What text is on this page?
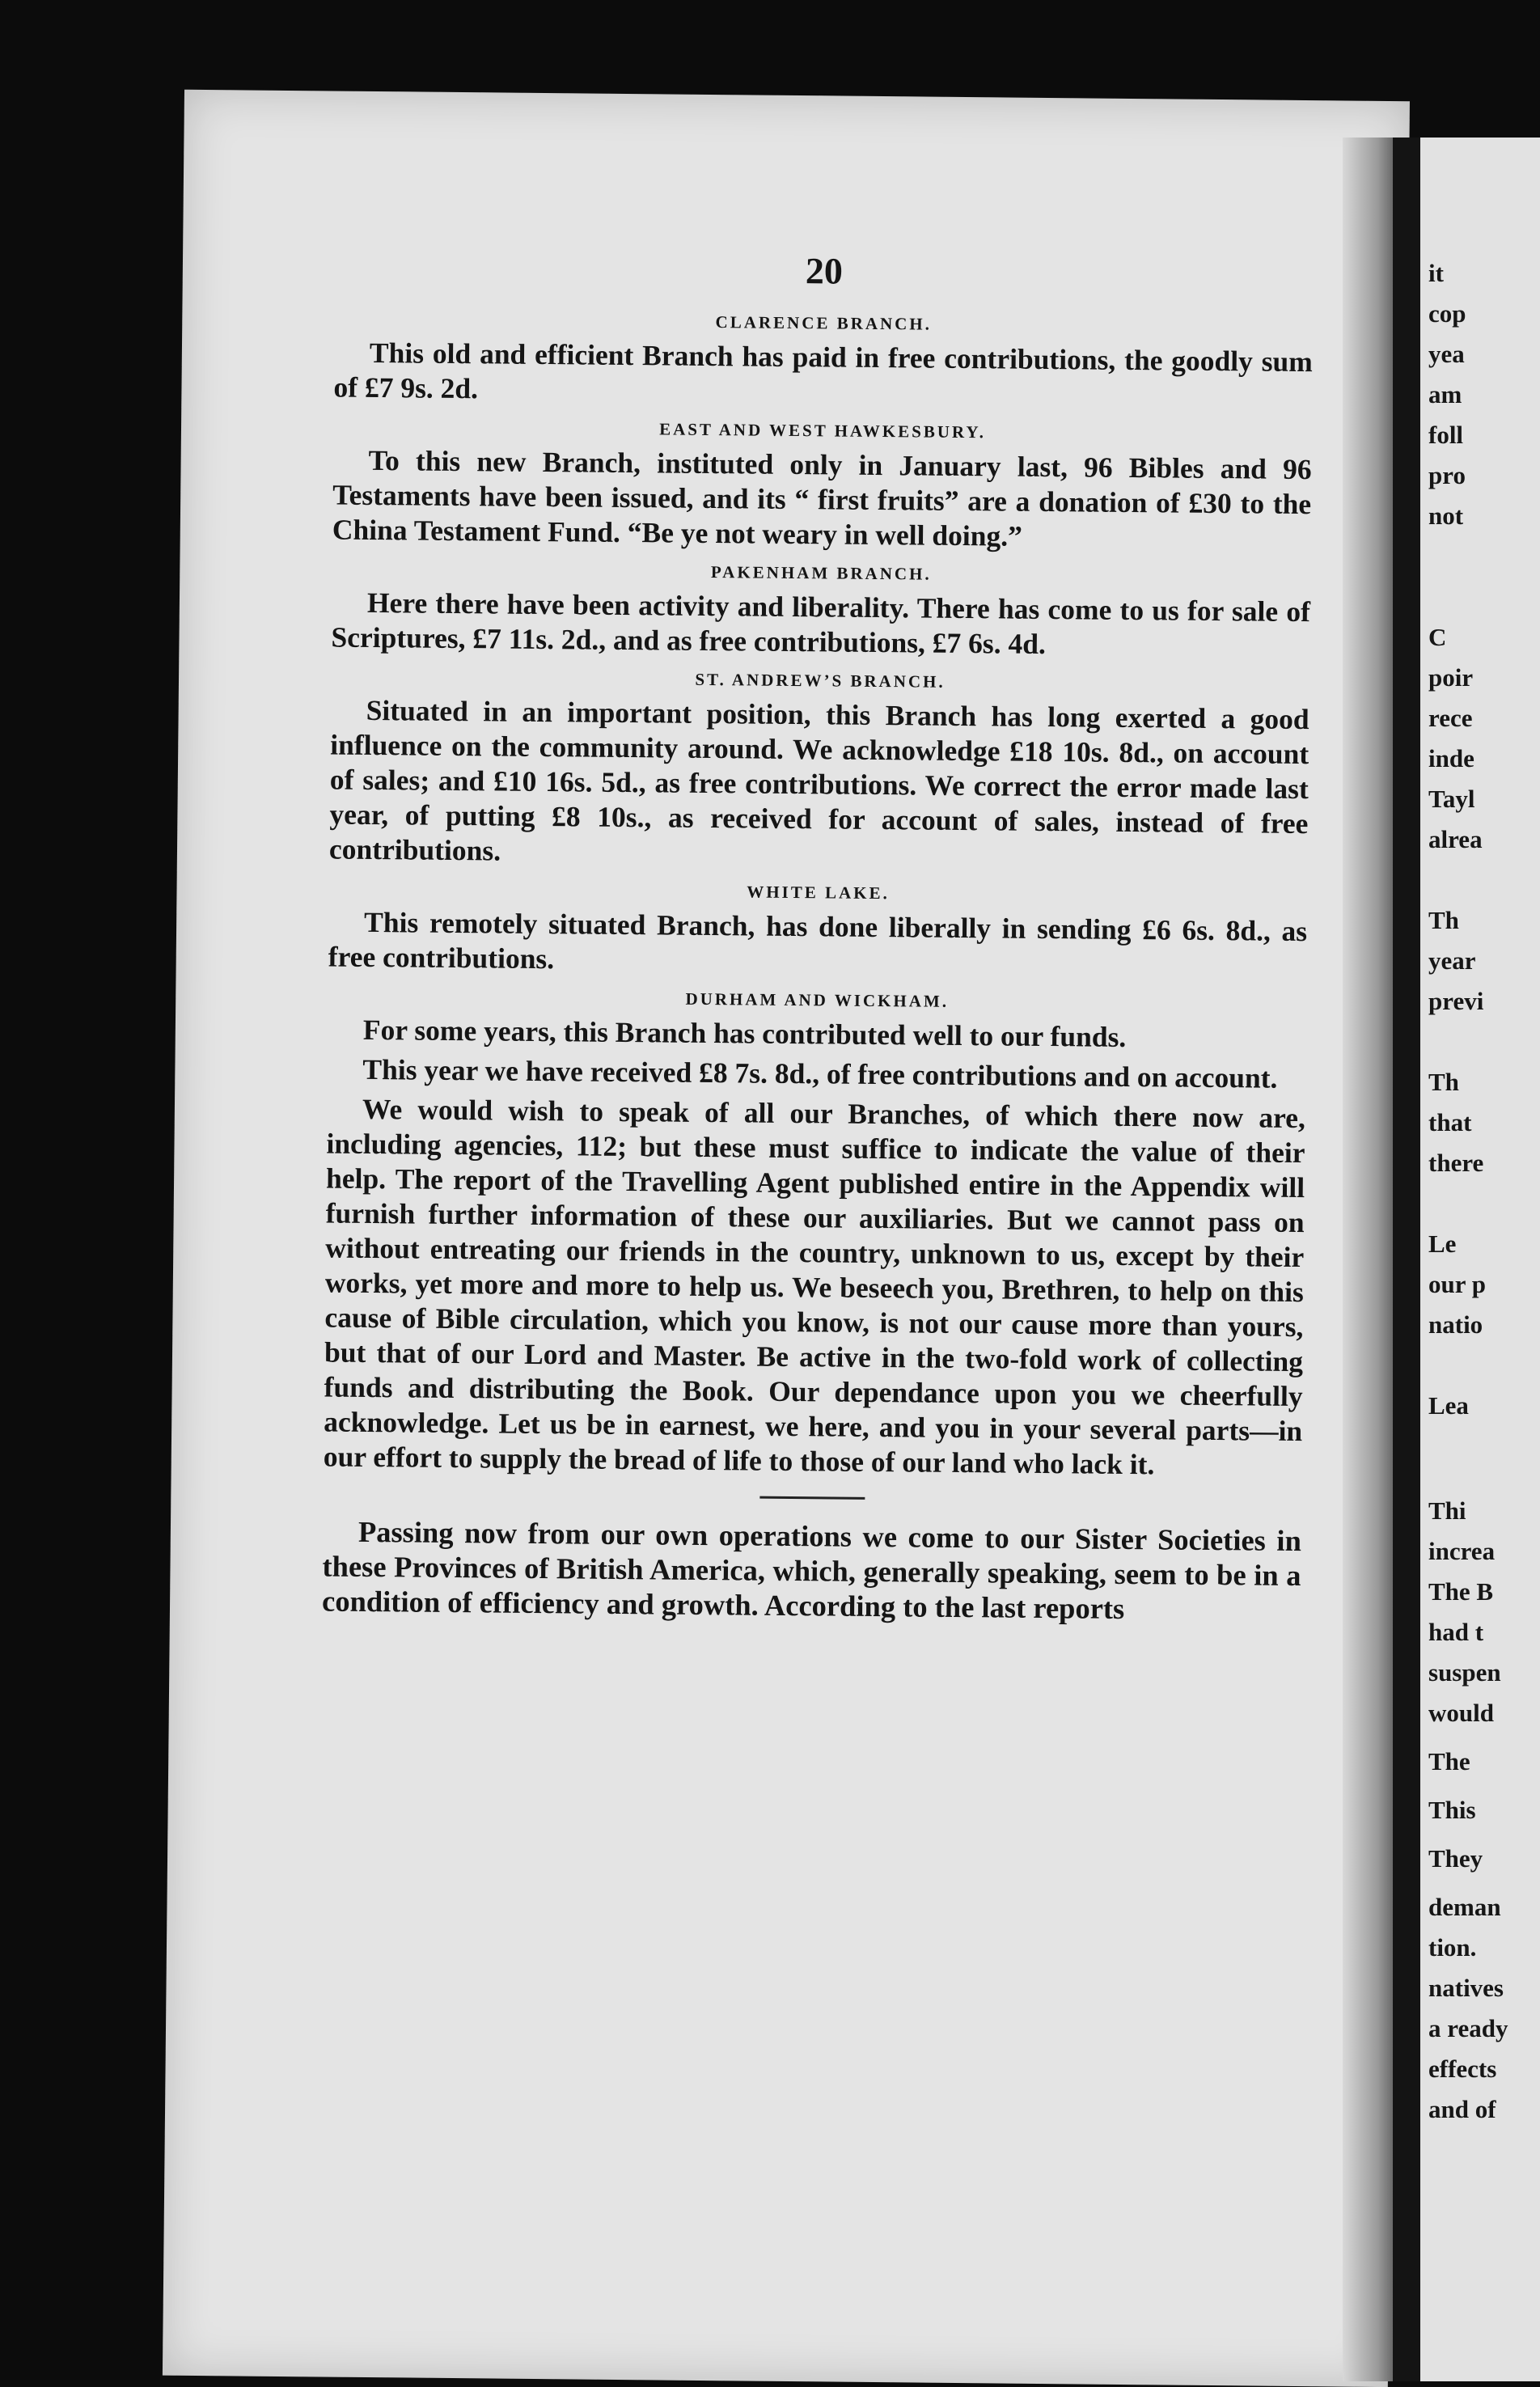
20
CLARENCE BRANCH.

This old and efficient Branch has paid in free contributions, the goodly sum of £7 9s. 2d.

EAST AND WEST HAWKESBURY.

To this new Branch, instituted only in January last, 96 Bibles and 96 Testaments have been issued, and its “ first fruits” are a donation of £30 to the China Testament Fund. “Be ye not weary in well doing.”

PAKENHAM BRANCH.

Here there have been activity and liberality. There has come to us for sale of Scriptures, £7 11s. 2d., and as free contributions, £7 6s. 4d.

ST. ANDREW’S BRANCH.

Situated in an important position, this Branch has long exerted a good influence on the community around. We acknowledge £18 10s. 8d., on account of sales; and £10 16s. 5d., as free contributions. We correct the error made last year, of putting £8 10s., as received for account of sales, instead of free contributions.

WHITE LAKE.

This remotely situated Branch, has done liberally in sending £6 6s. 8d., as free contributions.

DURHAM AND WICKHAM.

For some years, this Branch has contributed well to our funds.

This year we have received £8 7s. 8d., of free contributions and on account.

We would wish to speak of all our Branches, of which there now are, including agencies, 112; but these must suffice to indicate the value of their help. The report of the Travelling Agent published entire in the Appendix will furnish further information of these our auxiliaries. But we cannot pass on without entreating our friends in the country, unknown to us, except by their works, yet more and more to help us. We beseech you, Brethren, to help on this cause of Bible circulation, which you know, is not our cause more than yours, but that of our Lord and Master. Be active in the two-fold work of collecting funds and distributing the Book. Our dependance upon you we cheerfully acknowledge. Let us be in earnest, we here, and you in your several parts—in our effort to supply the bread of life to those of our land who lack it.

Passing now from our own operations we come to our Sister Societies in these Provinces of British America, which, generally speaking, seem to be in a condition of efficiency and growth. According to the last reports

it
cop
yea
am
foll
pro
not
C
poir
rece
inde
Tayl
alrea
Th
year
previ
Th
that
there
Le
our p
natio
Lea
Thi
increa
The B
had t
suspen
would
The
This
They
deman
tion.
natives
a ready
effects
and of
